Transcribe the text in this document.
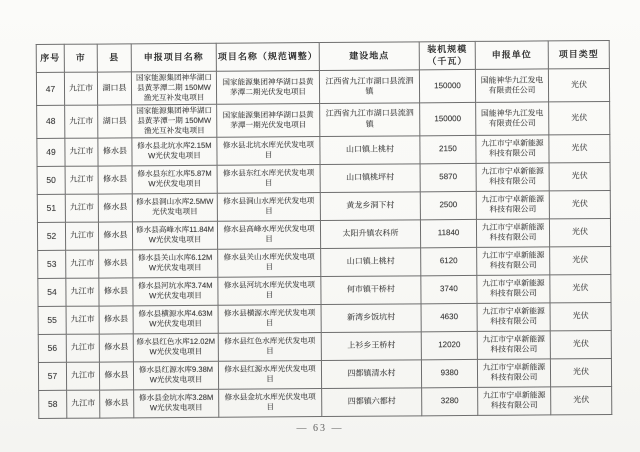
序号	市	县	申报项目名称	项目名称（规范调整）	建设地点	装机规模（千瓦）	申报单位	项目类型
47	九江市	湖口县	国家能源集团神华湖口县黄茅潭二期 150MW渔光互补发电项目	国家能源集团神华湖口县黄茅潭二期光伏发电项目	江西省九江市湖口县流泗镇	150000	国能神华九江发电有限责任公司	光伏
48	九江市	湖口县	国家能源集团神华湖口县黄茅潭一期 150MW渔光互补发电项目	国家能源集团神华湖口县黄茅潭一期光伏发电项目	江西省九江市湖口县流泗镇	150000	国能神华九江发电有限责任公司	光伏
49	九江市	修水县	修水县北坑水库2.15MW光伏发电项目	修水县北坑水库光伏发电项目	山口镇上桃村	2150	九江市宁卓新能源科技有限公司	光伏
50	九江市	修水县	修水县东红水库5.87MW光伏发电项目	修水县东红水库光伏发电项目	山口镇桃坪村	5870	九江市宁卓新能源科技有限公司	光伏
51	九江市	修水县	修水县洞山水库2.5MW光伏发电项目	修水县洞山水库光伏发电项目	黄龙乡洞下村	2500	九江市宁卓新能源科技有限公司	光伏
52	九江市	修水县	修水县高峰水库11.84MW光伏发电项目	修水县高峰水库光伏发电项目	太阳升镇农科所	11840	九江市宁卓新能源科技有限公司	光伏
53	九江市	修水县	修水县关山水库6.12MW光伏发电项目	修水县关山水库光伏发电项目	山口镇上桃村	6120	九江市宁卓新能源科技有限公司	光伏
54	九江市	修水县	修水县河坑水库3.74MW光伏发电项目	修水县河坑水库光伏发电项目	何市镇干桥村	3740	九江市宁卓新能源科技有限公司	光伏
55	九江市	修水县	修水县横源水库4.63MW光伏发电项目	修水县横源水库光伏发电项目	新湾乡饭坑村	4630	九江市宁卓新能源科技有限公司	光伏
56	九江市	修水县	修水县红色水库12.02MW光伏发电项目	修水县红色水库光伏发电项目	上衫乡王桥村	12020	九江市宁卓新能源科技有限公司	光伏
57	九江市	修水县	修水县红源水库9.38MW光伏发电项目	修水县红源水库光伏发电项目	四都镇清水村	9380	九江市宁卓新能源科技有限公司	光伏
58	九江市	修水县	修水县金坑水库3.28MW光伏发电项目	修水县金坑水库光伏发电项目	四都镇六都村	3280	九江市宁卓新能源科技有限公司	光伏
— 63 —
